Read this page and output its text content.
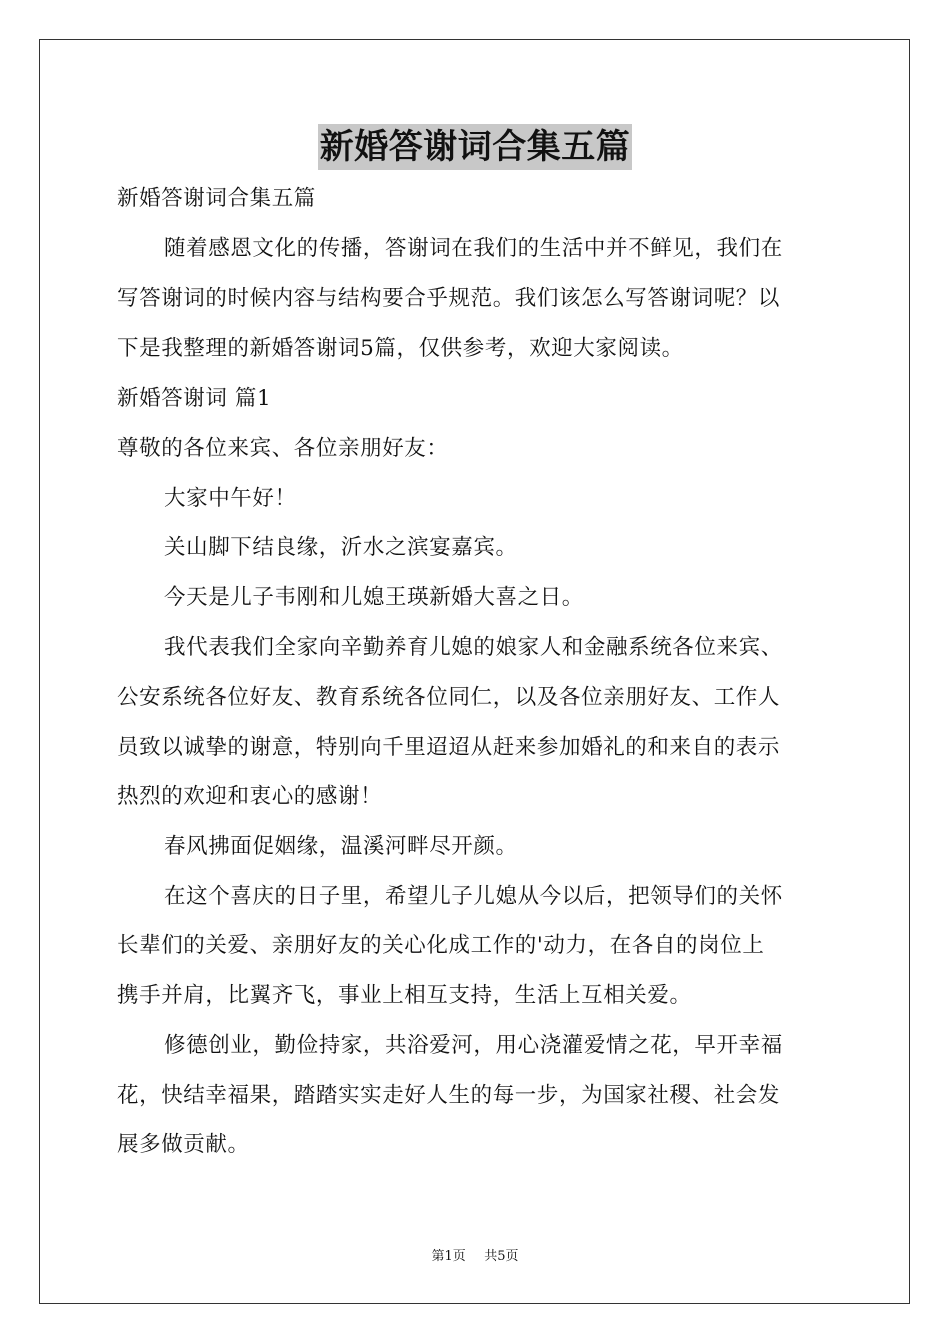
新婚答谢词合集五篇
新婚答谢词合集五篇
随着感恩文化的传播，答谢词在我们的生活中并不鲜见，我们在
写答谢词的时候内容与结构要合乎规范。我们该怎么写答谢词呢？以
下是我整理的新婚答谢词5篇，仅供参考，欢迎大家阅读。
新婚答谢词 篇1
尊敬的各位来宾、各位亲朋好友：
大家中午好！
关山脚下结良缘，沂水之滨宴嘉宾。
今天是儿子韦刚和儿媳王瑛新婚大喜之日。
我代表我们全家向辛勤养育儿媳的娘家人和金融系统各位来宾、
公安系统各位好友、教育系统各位同仁，以及各位亲朋好友、工作人
员致以诚挚的谢意，特别向千里迢迢从赶来参加婚礼的和来自的表示
热烈的欢迎和衷心的感谢！
春风拂面促姻缘，温溪河畔尽开颜。
在这个喜庆的日子里，希望儿子儿媳从今以后，把领导们的关怀
长辈们的关爱、亲朋好友的关心化成工作的'动力，在各自的岗位上
携手并肩，比翼齐飞，事业上相互支持，生活上互相关爱。
修德创业，勤俭持家，共浴爱河，用心浇灌爱情之花，早开幸福
花，快结幸福果，踏踏实实走好人生的每一步，为国家社稷、社会发
展多做贡献。
第1页 共5页
